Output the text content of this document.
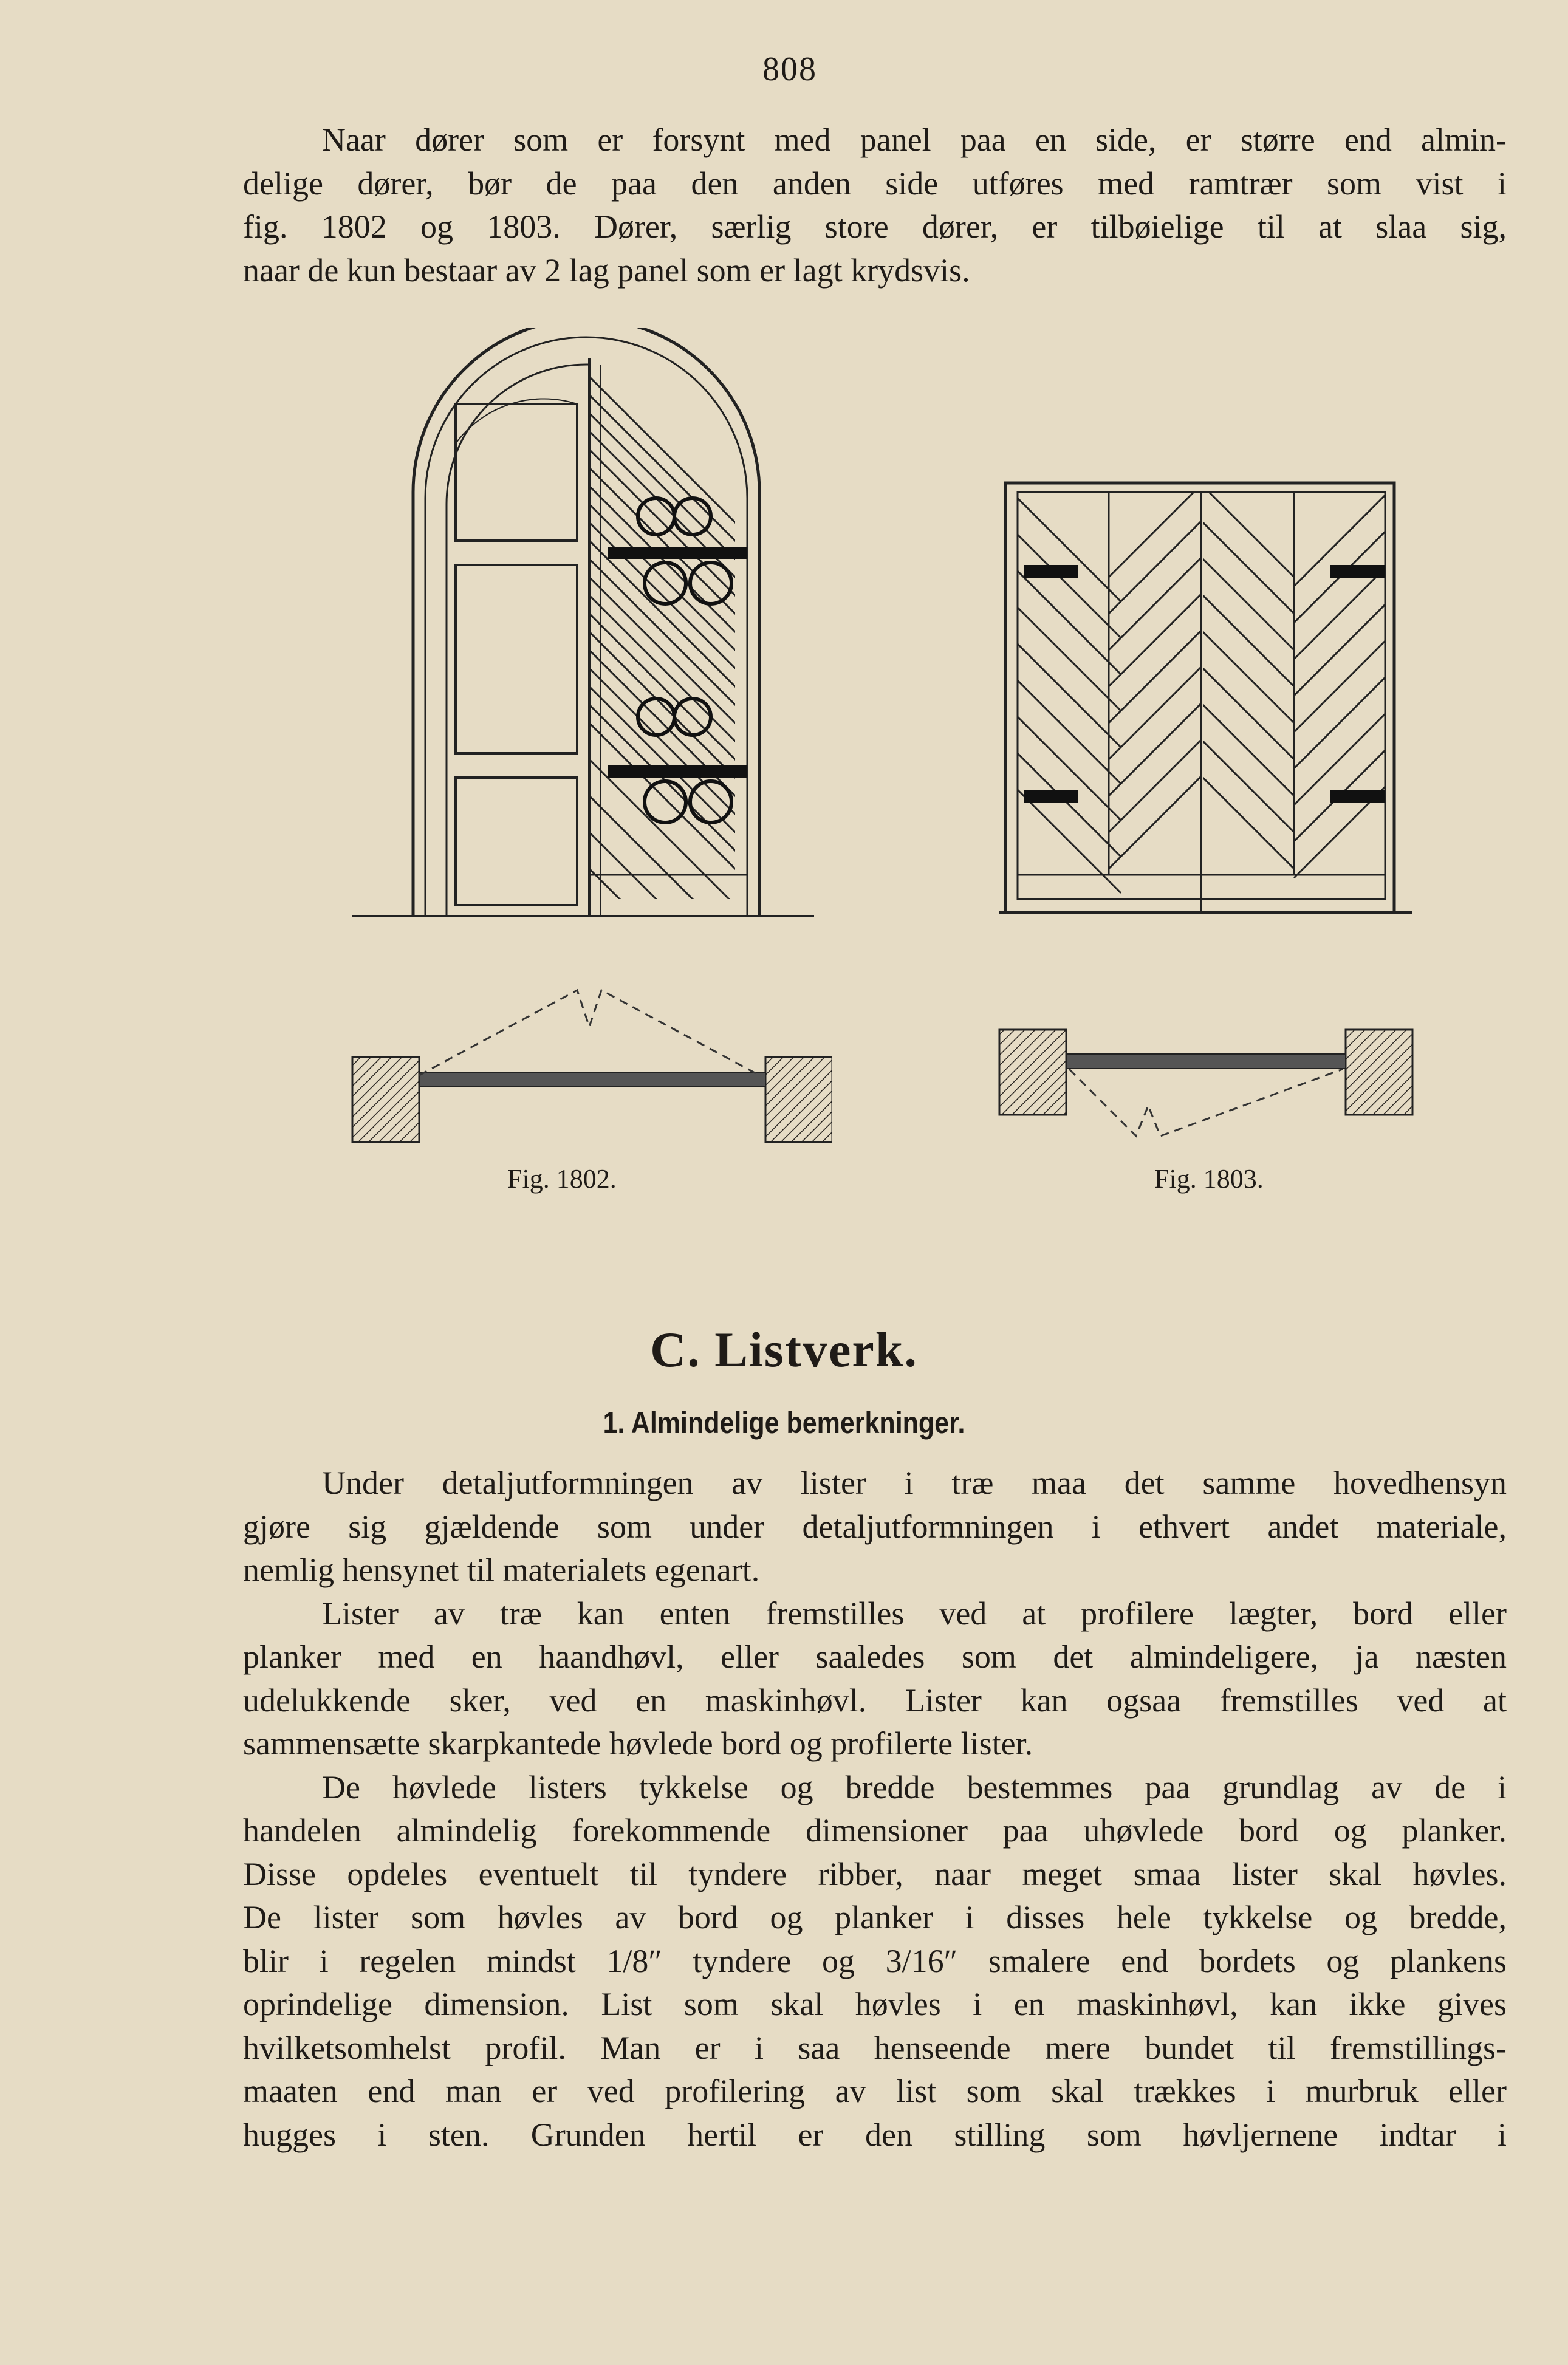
808
Naar dører som er forsynt med panel paa en side, er større end almin-
delige dører, bør de paa den anden side utføres med ramtrær som vist i
fig. 1802 og 1803. Dører, særlig store dører, er tilbøielige til at slaa sig,
naar de kun bestaar av 2 lag panel som er lagt krydsvis.
Fig. 1802.	Fig. 1803.
C. Listverk.
1. Almindelige bemerkninger.
Under detaljutformningen av lister i træ maa det samme hovedhensyn
gjøre sig gjældende som under detaljutformningen i ethvert andet materiale,
nemlig hensynet til materialets egenart.
Lister av træ kan enten fremstilles ved at profilere lægter, bord eller
planker med en haandhøvl, eller saaledes som det almindeligere, ja næsten
udelukkende sker, ved en maskinhøvl. Lister kan ogsaa fremstilles ved at
sammensætte skarpkantede høvlede bord og profilerte lister.
De høvlede listers tykkelse og bredde bestemmes paa grundlag av de i
handelen almindelig forekommende dimensioner paa uhøvlede bord og planker.
Disse opdeles eventuelt til tyndere ribber, naar meget smaa lister skal høvles.
De lister som høvles av bord og planker i disses hele tykkelse og bredde,
blir i regelen mindst 1/8″ tyndere og 3/16″ smalere end bordets og plankens
oprindelige dimension. List som skal høvles i en maskinhøvl, kan ikke gives
hvilketsomhelst profil. Man er i saa henseende mere bundet til fremstillings-
maaten end man er ved profilering av list som skal trækkes i murbruk eller
hugges i sten. Grunden hertil er den stilling som høvljernene indtar i
